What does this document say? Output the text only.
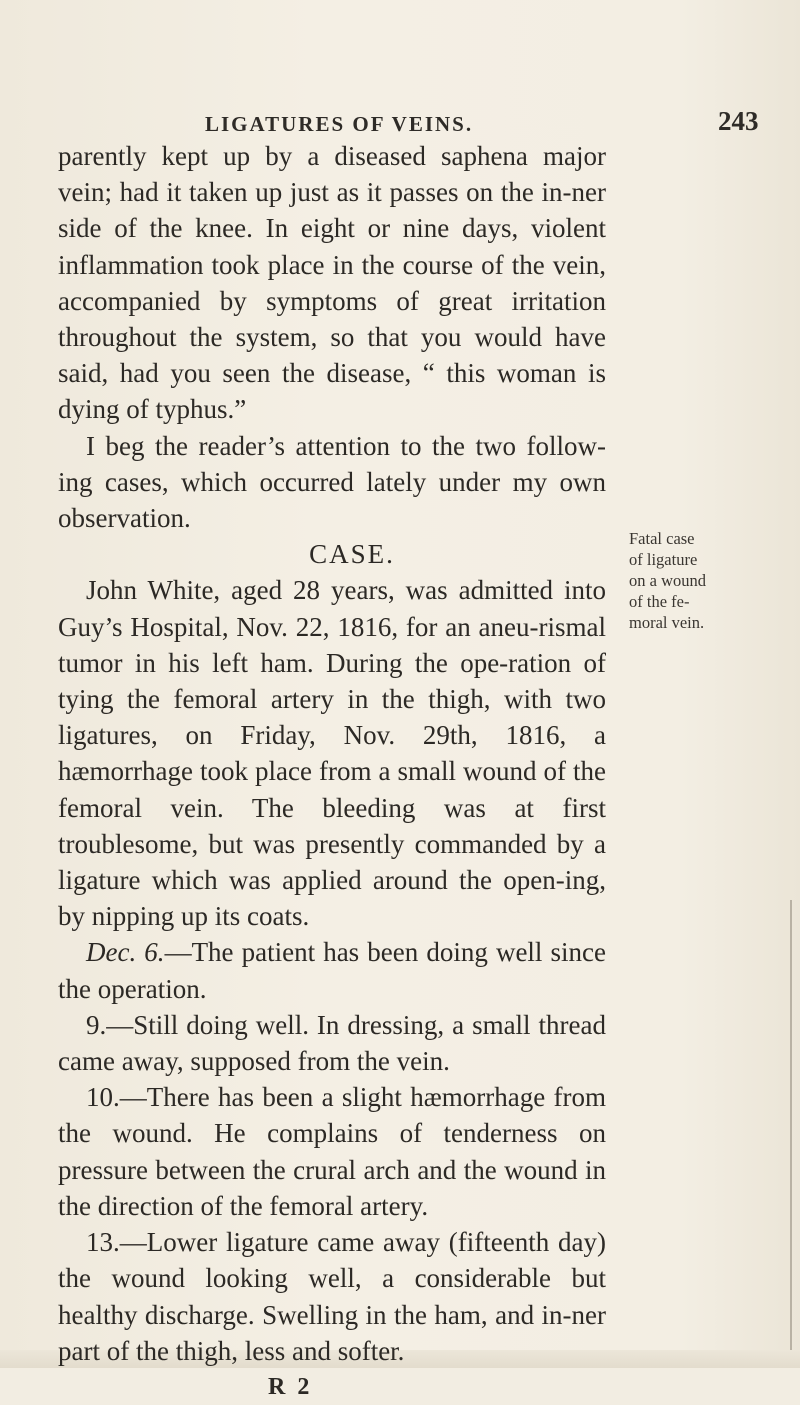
LIGATURES OF VEINS.	243

parently kept up by a diseased saphena major vein; had it taken up just as it passes on the in-ner side of the knee. In eight or nine days, violent inflammation took place in the course of the vein, accompanied by symptoms of great irritation throughout the system, so that you would have said, had you seen the disease, “ this woman is dying of typhus.”

I beg the reader’s attention to the two follow-ing cases, which occurred lately under my own observation.

CASE.

John White, aged 28 years, was admitted into Guy’s Hospital, Nov. 22, 1816, for an aneu-rismal tumor in his left ham. During the ope-ration of tying the femoral artery in the thigh, with two ligatures, on Friday, Nov. 29th, 1816, a hæmorrhage took place from a small wound of the femoral vein. The bleeding was at first troublesome, but was presently commanded by a ligature which was applied around the open-ing, by nipping up its coats.

Dec. 6.—The patient has been doing well since the operation.

9.—Still doing well. In dressing, a small thread came away, supposed from the vein.

10.—There has been a slight hæmorrhage from the wound. He complains of tenderness on pressure between the crural arch and the wound in the direction of the femoral artery.

13.—Lower ligature came away (fifteenth day) the wound looking well, a considerable but healthy discharge. Swelling in the ham, and in-ner part of the thigh, less and softer.

R 2

Fatal case
of ligature
on a wound
of the fe-
moral vein.
